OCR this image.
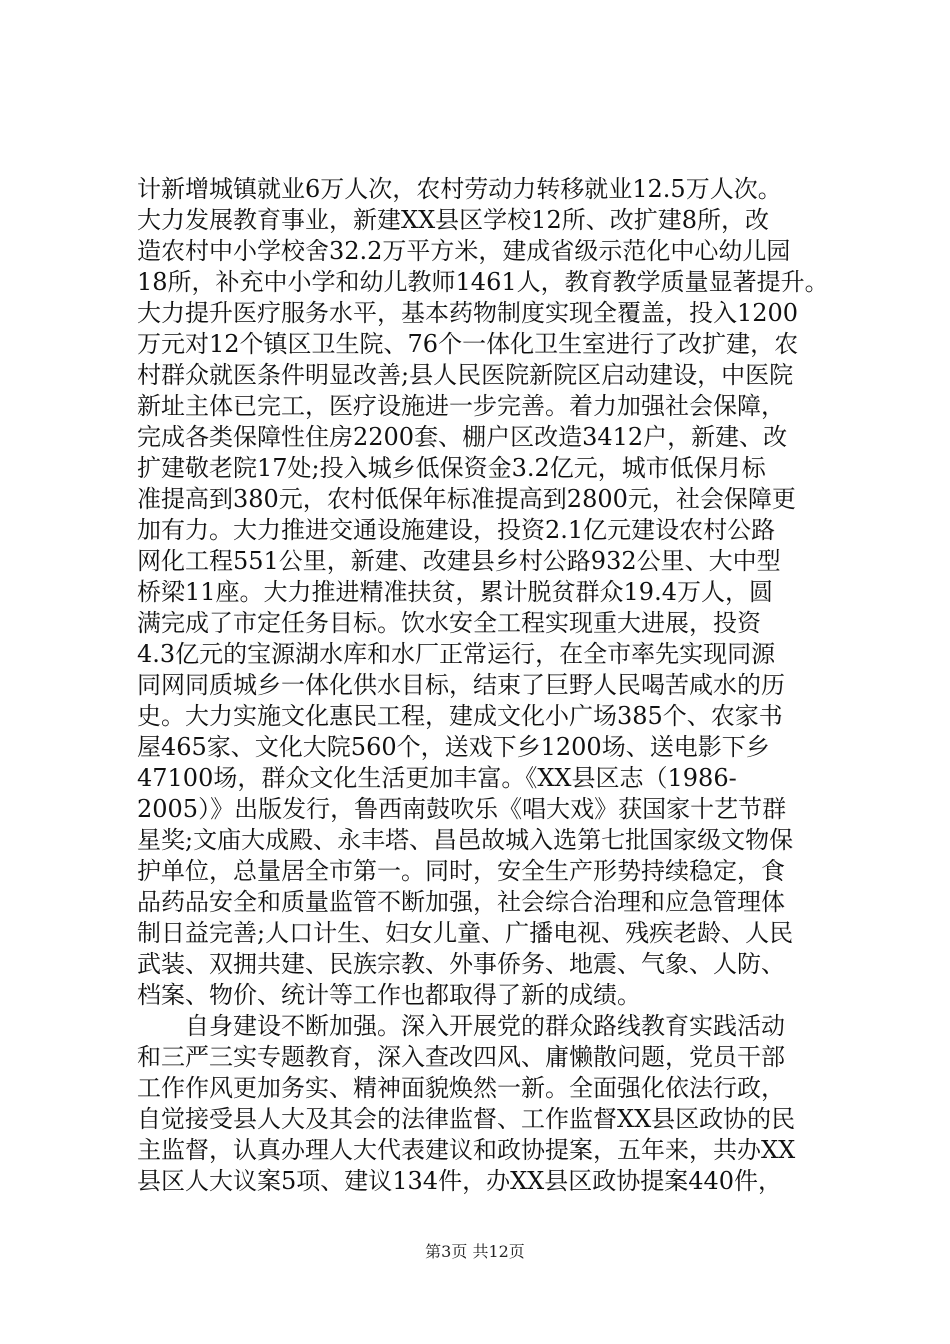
计新增城镇就业6万人次，农村劳动力转移就业12.5万人次。
大力发展教育事业，新建XX县区学校12所、改扩建8所，改
造农村中小学校舍32.2万平方米，建成省级示范化中心幼儿园
18所，补充中小学和幼儿教师1461人，教育教学质量显著提升。
大力提升医疗服务水平，基本药物制度实现全覆盖，投入1200
万元对12个镇区卫生院、76个一体化卫生室进行了改扩建，农
村群众就医条件明显改善;县人民医院新院区启动建设，中医院
新址主体已完工，医疗设施进一步完善。着力加强社会保障，
完成各类保障性住房2200套、棚户区改造3412户，新建、改
扩建敬老院17处;投入城乡低保资金3.2亿元，城市低保月标
准提高到380元，农村低保年标准提高到2800元，社会保障更
加有力。大力推进交通设施建设，投资2.1亿元建设农村公路
网化工程551公里，新建、改建县乡村公路932公里、大中型
桥梁11座。大力推进精准扶贫，累计脱贫群众19.4万人，圆
满完成了市定任务目标。饮水安全工程实现重大进展，投资
4.3亿元的宝源湖水库和水厂正常运行，在全市率先实现同源
同网同质城乡一体化供水目标，结束了巨野人民喝苦咸水的历
史。大力实施文化惠民工程，建成文化小广场385个、农家书
屋465家、文化大院560个，送戏下乡1200场、送电影下乡
47100场，群众文化生活更加丰富。《XX县区志（1986-
2005）》出版发行，鲁西南鼓吹乐《唱大戏》获国家十艺节群
星奖;文庙大成殿、永丰塔、昌邑故城入选第七批国家级文物保
护单位，总量居全市第一。同时，安全生产形势持续稳定，食
品药品安全和质量监管不断加强，社会综合治理和应急管理体
制日益完善;人口计生、妇女儿童、广播电视、残疾老龄、人民
武装、双拥共建、民族宗教、外事侨务、地震、气象、人防、
档案、物价、统计等工作也都取得了新的成绩。
自身建设不断加强。深入开展党的群众路线教育实践活动
和三严三实专题教育，深入查改四风、庸懒散问题，党员干部
工作作风更加务实、精神面貌焕然一新。全面强化依法行政，
自觉接受县人大及其会的法律监督、工作监督XX县区政协的民
主监督，认真办理人大代表建议和政协提案，五年来，共办XX
县区人大议案5项、建议134件，办XX县区政协提案440件，
第3页 共12页
